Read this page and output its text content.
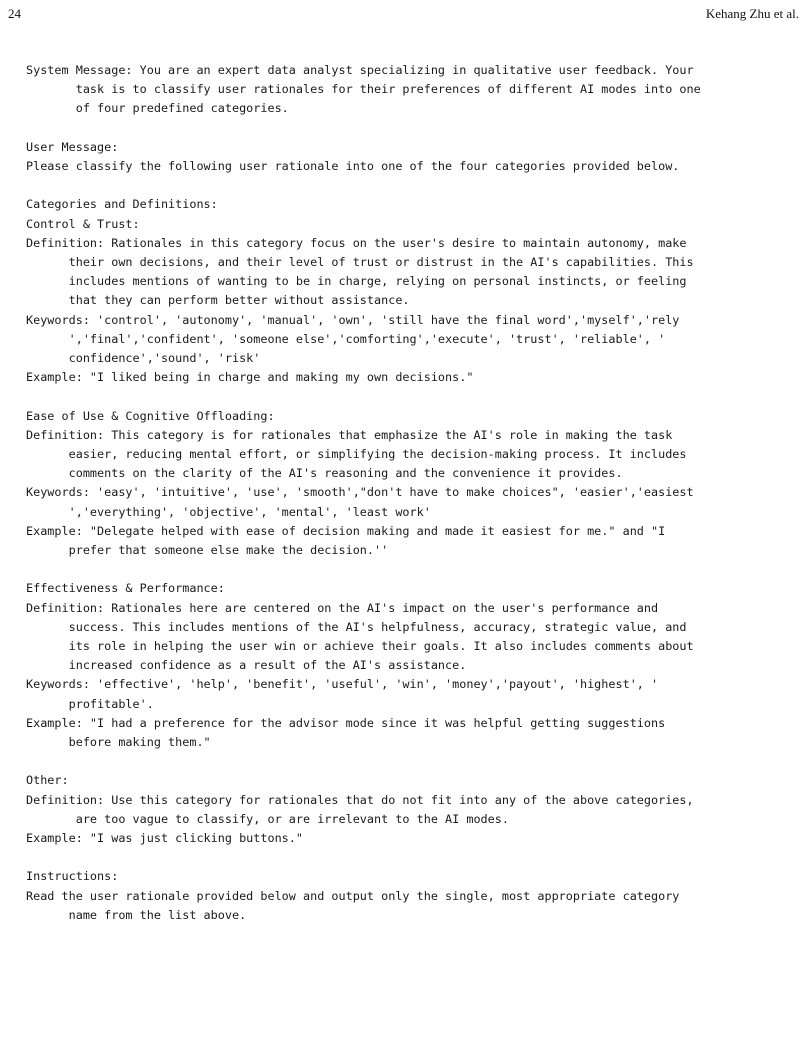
24	Kehang Zhu et al.
System Message: You are an expert data analyst specializing in qualitative user feedback. Your
task is to classify user rationales for their preferences of different AI modes into one
of four predefined categories.
User Message:
Please classify the following user rationale into one of the four categories provided below.
Categories and Definitions:
Control & Trust:
Definition: Rationales in this category focus on the user's desire to maintain autonomy, make
their own decisions, and their level of trust or distrust in the AI's capabilities. This
includes mentions of wanting to be in charge, relying on personal instincts, or feeling
that they can perform better without assistance.
Keywords: 'control', 'autonomy', 'manual', 'own', 'still have the final word','myself','rely
','final','confident', 'someone else','comforting','execute', 'trust', 'reliable', '
confidence','sound', 'risk'
Example: "I liked being in charge and making my own decisions."
Ease of Use & Cognitive Offloading:
Definition: This category is for rationales that emphasize the AI's role in making the task
easier, reducing mental effort, or simplifying the decision-making process. It includes
comments on the clarity of the AI's reasoning and the convenience it provides.
Keywords: 'easy', 'intuitive', 'use', 'smooth',"don't have to make choices", 'easier','easiest
','everything', 'objective', 'mental', 'least work'
Example: "Delegate helped with ease of decision making and made it easiest for me." and "I
prefer that someone else make the decision.''
Effectiveness & Performance:
Definition: Rationales here are centered on the AI's impact on the user's performance and
success. This includes mentions of the AI's helpfulness, accuracy, strategic value, and
its role in helping the user win or achieve their goals. It also includes comments about
increased confidence as a result of the AI's assistance.
Keywords: 'effective', 'help', 'benefit', 'useful', 'win', 'money','payout', 'highest', '
profitable'.
Example: "I had a preference for the advisor mode since it was helpful getting suggestions
before making them."
Other:
Definition: Use this category for rationales that do not fit into any of the above categories,
are too vague to classify, or are irrelevant to the AI modes.
Example: "I was just clicking buttons."
Instructions:
Read the user rationale provided below and output only the single, most appropriate category
name from the list above.
